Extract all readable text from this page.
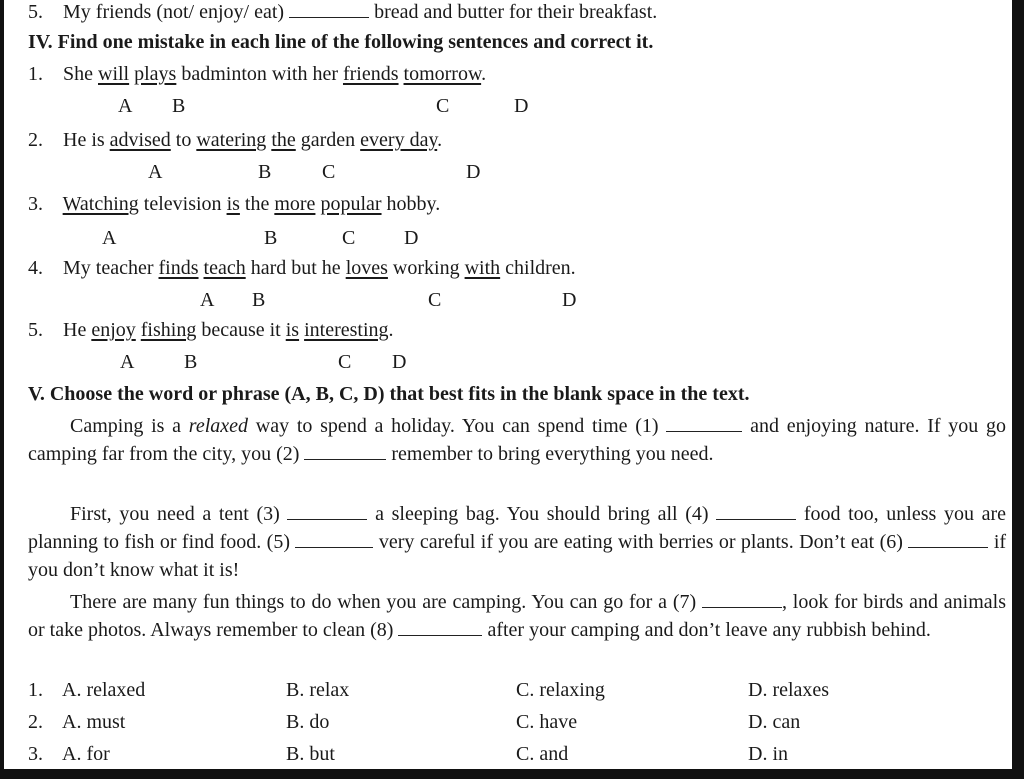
5. My friends (not/ enjoy/ eat)	bread and butter for their breakfast.
IV. Find one mistake in each line of the following sentences and correct it.
1. She will plays badminton with her friends tomorrow.
A B	C	D
2. He is advised to watering the garden every day.
A	B	C	D
3. Watching television is the more popular hobby.
A	B	C D
4. My teacher finds teach hard but he loves working with children.
A B	C	D
5. He enjoy fishing because it is interesting.
A B	C D
V. Choose the word or phrase (A, B, C, D) that best fits in the blank space in the text.
Camping is a relaxed way to spend a holiday. You can spend time (1)	and enjoying nature. If you go camping far from the city, you (2)	remember to bring everything you need.
First, you need a tent (3)	a sleeping bag. You should bring all (4)	food too, unless you are planning to fish or find food. (5)	very careful if you are eating with berries or plants. Don’t eat (6)	if you don’t know what it is!
There are many fun things to do when you are camping. You can go for a (7)	, look for birds and animals or take photos. Always remember to clean (8)	after your camping and don’t leave any rubbish behind.
1. A. relaxed	B. relax	C. relaxing	D. relaxes
2. A. must	B. do	C. have	D. can
3. A. for	B. but	C. and	D. in
